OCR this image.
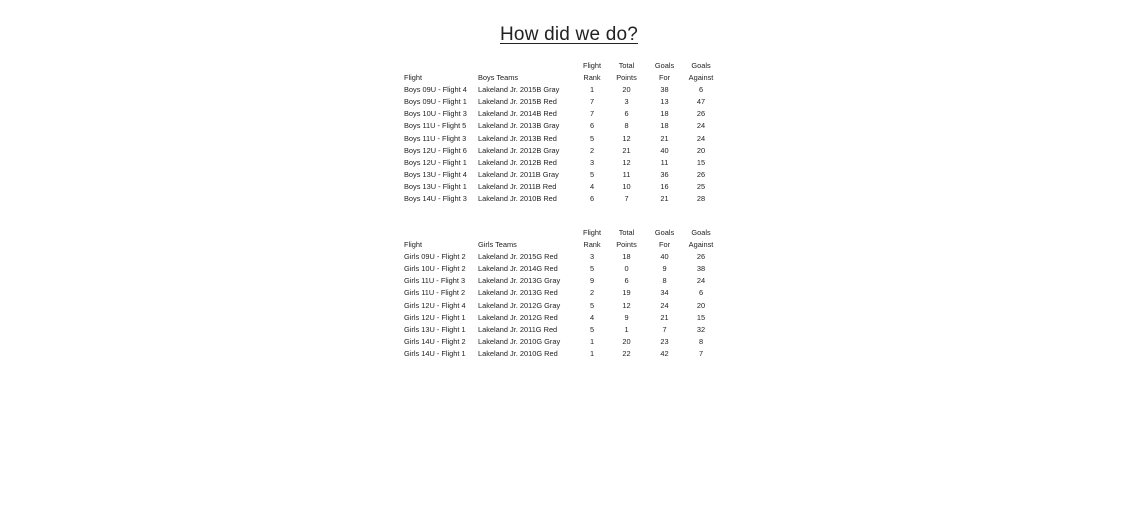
How did we do?
		Flight	Total	Goals	Goals
Flight	Boys Teams	Rank	Points	For	Against
Boys 09U - Flight 4	Lakeland Jr. 2015B Gray	1	20	38	6
Boys 09U - Flight 1	Lakeland Jr. 2015B Red	7	3	13	47
Boys 10U - Flight 3	Lakeland Jr. 2014B Red	7	6	18	26
Boys 11U - Flight 5	Lakeland Jr. 2013B Gray	6	8	18	24
Boys 11U - Flight 3	Lakeland Jr. 2013B Red	5	12	21	24
Boys 12U - Flight 6	Lakeland Jr. 2012B Gray	2	21	40	20
Boys 12U - Flight 1	Lakeland Jr. 2012B Red	3	12	11	15
Boys 13U - Flight 4	Lakeland Jr. 2011B Gray	5	11	36	26
Boys 13U - Flight 1	Lakeland Jr. 2011B Red	4	10	16	25
Boys 14U - Flight 3	Lakeland Jr. 2010B Red	6	7	21	28
		Flight	Total	Goals	Goals
Flight	Girls Teams	Rank	Points	For	Against
Girls 09U - Flight 2	Lakeland Jr. 2015G Red	3	18	40	26
Girls 10U - Flight 2	Lakeland Jr. 2014G Red	5	0	9	38
Girls 11U - Flight 3	Lakeland Jr. 2013G Gray	9	6	8	24
Girls 11U - Flight 2	Lakeland Jr. 2013G Red	2	19	34	6
Girls 12U - Flight 4	Lakeland Jr. 2012G Gray	5	12	24	20
Girls 12U - Flight 1	Lakeland Jr. 2012G Red	4	9	21	15
Girls 13U - Flight 1	Lakeland Jr. 2011G Red	5	1	7	32
Girls 14U - Flight 2	Lakeland Jr. 2010G Gray	1	20	23	8
Girls 14U - Flight 1	Lakeland Jr. 2010G Red	1	22	42	7
